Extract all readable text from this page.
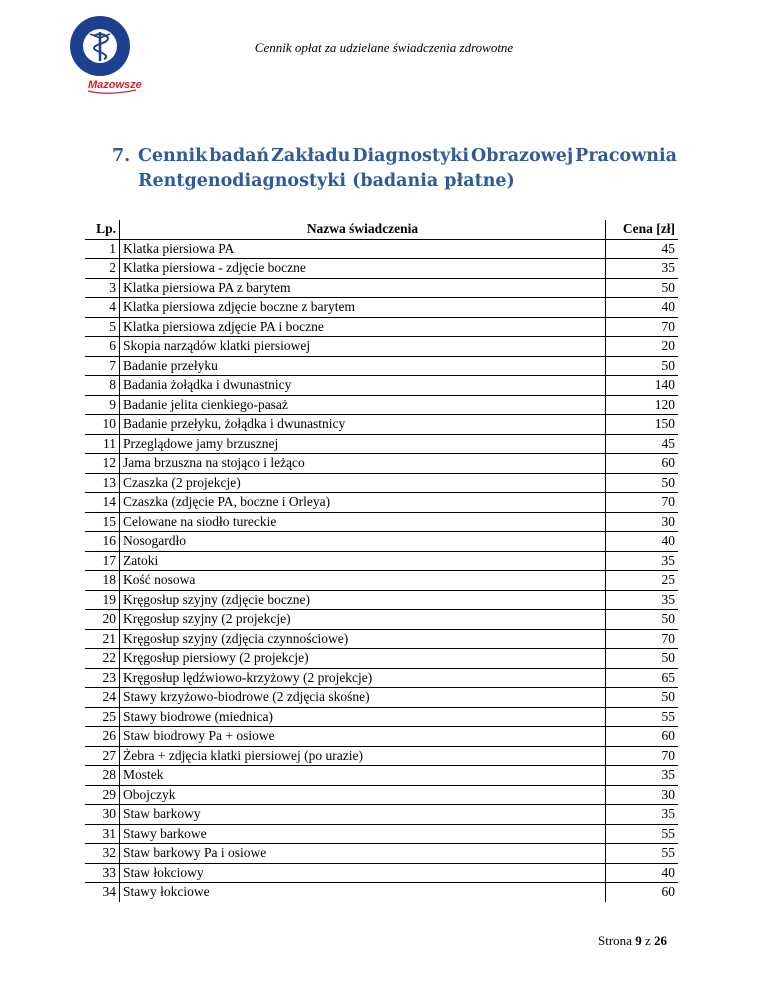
Cennik opłat za udzielane świadczenia zdrowotne
Mazowsze
7. Cennik badań Zakładu Diagnostyki Obrazowej Pracownia
Rentgenodiagnostyki (badania płatne)
Lp.	Nazwa świadczenia	Cena [zł]
1	Klatka piersiowa PA	45
2	Klatka piersiowa - zdjęcie boczne	35
3	Klatka piersiowa PA z barytem	50
4	Klatka piersiowa zdjęcie boczne z barytem	40
5	Klatka piersiowa zdjęcie PA i boczne	70
6	Skopia narządów klatki piersiowej	20
7	Badanie przełyku	50
8	Badania żołądka i dwunastnicy	140
9	Badanie jelita cienkiego-pasaż	120
10	Badanie przełyku, żołądka i dwunastnicy	150
11	Przeglądowe jamy brzusznej	45
12	Jama brzuszna na stojąco i leżąco	60
13	Czaszka (2 projekcje)	50
14	Czaszka (zdjęcie PA, boczne i Orleya)	70
15	Celowane na siodło tureckie	30
16	Nosogardło	40
17	Zatoki	35
18	Kość nosowa	25
19	Kręgosłup szyjny (zdjęcie boczne)	35
20	Kręgosłup szyjny (2 projekcje)	50
21	Kręgosłup szyjny (zdjęcia czynnościowe)	70
22	Kręgosłup piersiowy (2 projekcje)	50
23	Kręgosłup lędźwiowo-krzyżowy (2 projekcje)	65
24	Stawy krzyżowo-biodrowe (2 zdjęcia skośne)	50
25	Stawy biodrowe (miednica)	55
26	Staw biodrowy Pa + osiowe	60
27	Żebra + zdjęcia klatki piersiowej (po urazie)	70
28	Mostek	35
29	Obojczyk	30
30	Staw barkowy	35
31	Stawy barkowe	55
32	Staw barkowy Pa i osiowe	55
33	Staw łokciowy	40
34	Stawy łokciowe	60
Strona 9 z 26
